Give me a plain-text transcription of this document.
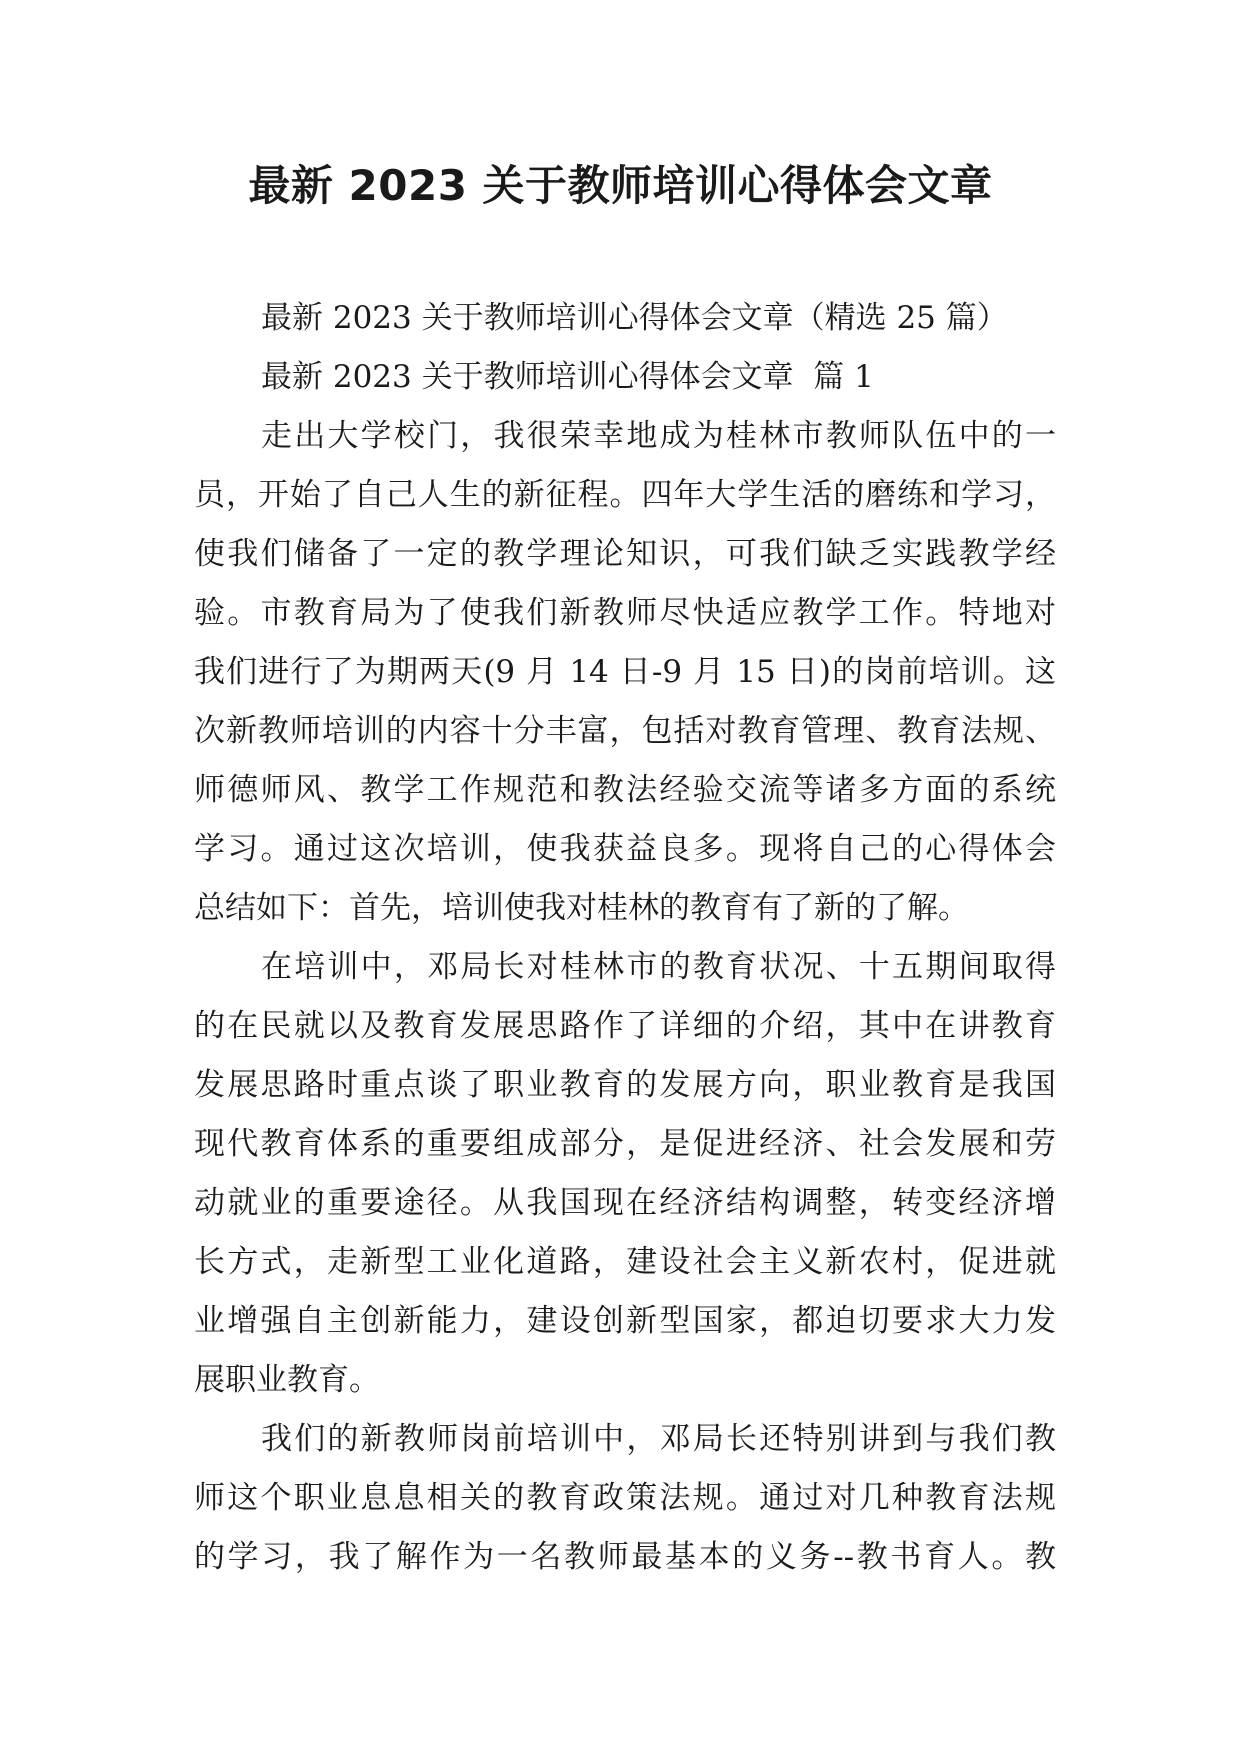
最新 2023 关于教师培训心得体会文章
最新 2023 关于教师培训心得体会文章（精选 25 篇）
最新 2023 关于教师培训心得体会文章  篇 1
走出大学校门，我很荣幸地成为桂林市教师队伍中的一
员，开始了自己人生的新征程。四年大学生活的磨练和学习，
使我们储备了一定的教学理论知识，可我们缺乏实践教学经
验。市教育局为了使我们新教师尽快适应教学工作。特地对
我们进行了为期两天(9 月 14 日-9 月 15 日)的岗前培训。这
次新教师培训的内容十分丰富，包括对教育管理、教育法规、
师德师风、教学工作规范和教法经验交流等诸多方面的系统
学习。通过这次培训，使我获益良多。现将自己的心得体会
总结如下：首先，培训使我对桂林的教育有了新的了解。
在培训中，邓局长对桂林市的教育状况、十五期间取得
的在民就以及教育发展思路作了详细的介绍，其中在讲教育
发展思路时重点谈了职业教育的发展方向，职业教育是我国
现代教育体系的重要组成部分，是促进经济、社会发展和劳
动就业的重要途径。从我国现在经济结构调整，转变经济增
长方式，走新型工业化道路，建设社会主义新农村，促进就
业增强自主创新能力，建设创新型国家，都迫切要求大力发
展职业教育。
我们的新教师岗前培训中，邓局长还特别讲到与我们教
师这个职业息息相关的教育政策法规。通过对几种教育法规
的学习，我了解作为一名教师最基本的义务--教书育人。教
